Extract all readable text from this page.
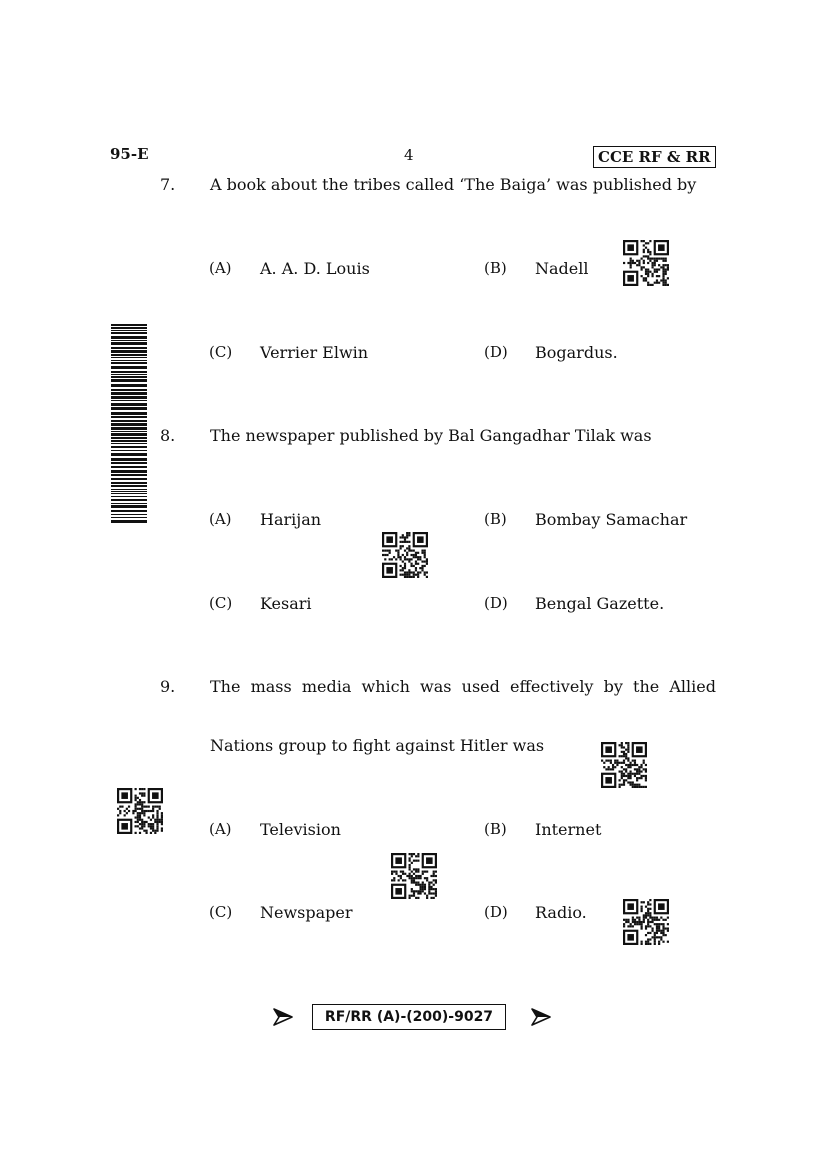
95-E	4	CCE RF & RR
7. A book about the tribes called ‘The Baiga’ was published by
(A) A. A. D. Louis	(B) Nadell
(C) Verrier Elwin	(D) Bogardus.
8. The newspaper published by Bal Gangadhar Tilak was
(A) Harijan	(B) Bombay Samachar
(C) Kesari	(D) Bengal Gazette.
9. The mass media which was used effectively by the Allied
Nations group to fight against Hitler was
(A) Television	(B) Internet
(C) Newspaper	(D) Radio.
RF/RR (A)-(200)-9027
